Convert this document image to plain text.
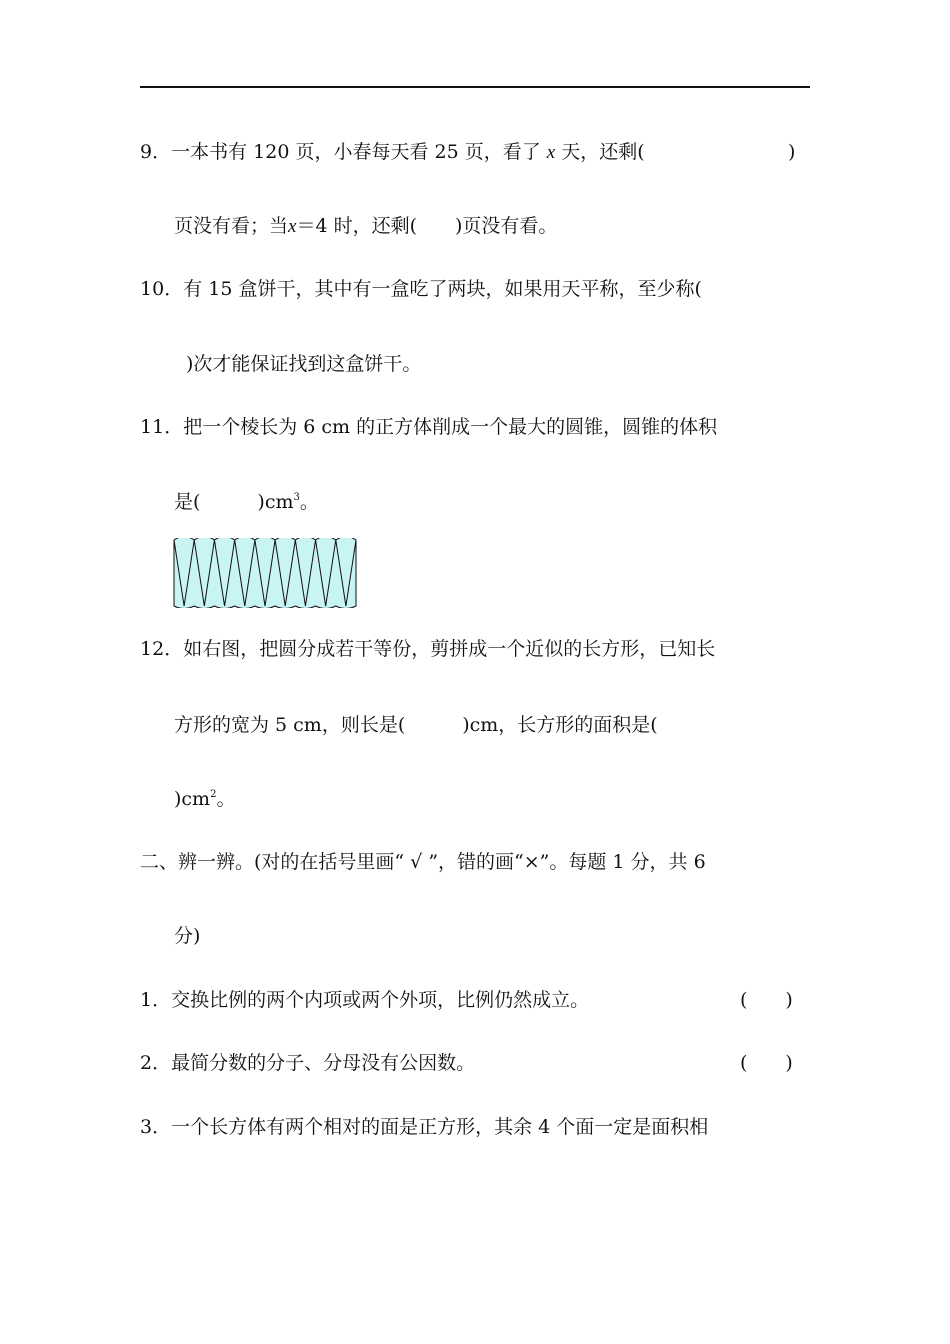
9．一本书有 120 页，小春每天看 25 页，看了 x 天，还剩(	)
页没有看；当x＝4 时，还剩(　　)页没有看。
10．有 15 盒饼干，其中有一盒吃了两块，如果用天平称，至少称(
)次才能保证找到这盒饼干。
11．把一个棱长为 6 cm 的正方体削成一个最大的圆锥，圆锥的体积
是(　　　)$cm^3$。
12．如右图，把圆分成若干等份，剪拼成一个近似的长方形，已知长
方形的宽为 5 cm，则长是(　　　)cm，长方形的面积是(
)$cm^2$。
二、辨一辨。(对的在括号里画“ √ ”，错的画“×”。每题 1 分，共 6
分)
1．交换比例的两个内项或两个外项，比例仍然成立。	(　　)
2．最简分数的分子、分母没有公因数。	(　　)
3．一个长方体有两个相对的面是正方形，其余 4 个面一定是面积相
